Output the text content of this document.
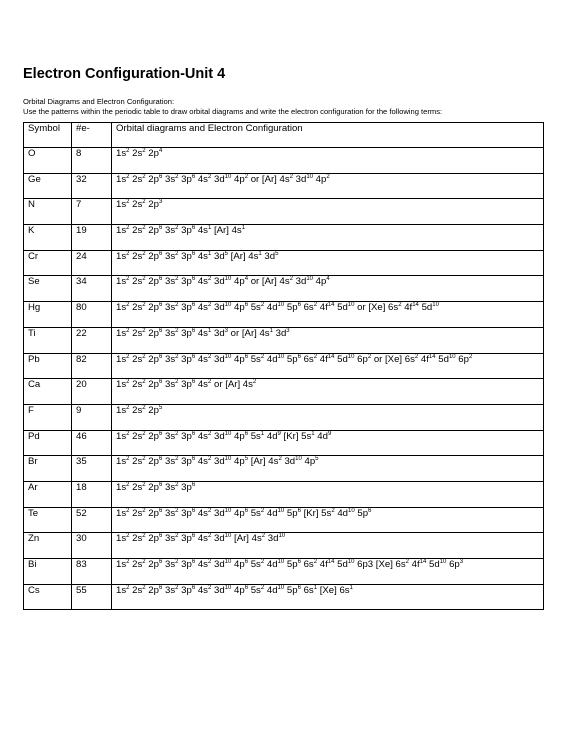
Electron Configuration-Unit 4
Orbital Diagrams and Electron Configuration:
Use the patterns within the periodic table to draw orbital diagrams and write the electron configuration for the following terms:
Symbol	#e-	Orbital diagrams and Electron Configuration
O	8	$1s^2$ $2s^2$ $2p^4$
Ge	32	$1s^2$ $2s^2$ $2p^6$ $3s^2$ $3p^6$ $4s^2$ $3d^{10}$ $4p^2$ or [Ar] $4s^2$ $3d^{10}$ $4p^2$
N	7	$1s^2$ $2s^2$ $2p^3$
K	19	$1s^2$ $2s^2$ $2p^6$ $3s^2$ $3p^6$ $4s^1$ [Ar] $4s^1$
Cr	24	$1s^2$ $2s^2$ $2p^6$ $3s^2$ $3p^6$ $4s^1$ $3d^5$ [Ar] $4s^1$ $3d^5$
Se	34	$1s^2$ $2s^2$ $2p^6$ $3s^2$ $3p^6$ $4s^2$ $3d^{10}$ $4p^4$ or [Ar] $4s^2$ $3d^{10}$ $4p^4$
Hg	80	$1s^2$ $2s^2$ $2p^6$ $3s^2$ $3p^6$ $4s^2$ $3d^{10}$ $4p^6$ $5s^2$ $4d^{10}$ $5p^6$ $6s^2$ $4f^{14}$ $5d^{10}$ or [Xe] $6s^2$ $4f^{14}$ $5d^{10}$
Ti	22	$1s^2$ $2s^2$ $2p^6$ $3s^2$ $3p^6$ $4s^1$ $3d^3$ or [Ar] $4s^1$ $3d^3$
Pb	82	$1s^2$ $2s^2$ $2p^6$ $3s^2$ $3p^6$ $4s^2$ $3d^{10}$ $4p^6$ $5s^2$ $4d^{10}$ $5p^6$ $6s^2$ $4f^{14}$ $5d^{10}$ $6p^2$ or [Xe] $6s^2$ $4f^{14}$ $5d^{10}$ $6p^2$
Ca	20	$1s^2$ $2s^2$ $2p^6$ $3s^2$ $3p^6$ $4s^2$ or [Ar] $4s^2$
F	9	$1s^2$ $2s^2$ $2p^5$
Pd	46	$1s^2$ $2s^2$ $2p^6$ $3s^2$ $3p^6$ $4s^2$ $3d^{10}$ $4p^6$ $5s^1$ $4d^9$ [Kr] $5s^1$ $4d^9$
Br	35	$1s^2$ $2s^2$ $2p^6$ $3s^2$ $3p^6$ $4s^2$ $3d^{10}$ $4p^5$ [Ar] $4s^2$ $3d^{10}$ $4p^5$
Ar	18	$1s^2$ $2s^2$ $2p^6$ $3s^2$ $3p^6$
Te	52	$1s^2$ $2s^2$ $2p^6$ $3s^2$ $3p^6$ $4s^2$ $3d^{10}$ $4p^6$ $5s^2$ $4d^{10}$ $5p^6$ [Kr] $5s^2$ $4d^{10}$ $5p^6$
Zn	30	$1s^2$ $2s^2$ $2p^6$ $3s^2$ $3p^6$ $4s^2$ $3d^{10}$ [Ar] $4s^2$ $3d^{10}$
Bi	83	$1s^2$ $2s^2$ $2p^6$ $3s^2$ $3p^6$ $4s^2$ $3d^{10}$ $4p^6$ $5s^2$ $4d^{10}$ $5p^6$ $6s^2$ $4f^{14}$ $5d^{10}$ 6p3 [Xe] $6s^2$ $4f^{14}$ $5d^{10}$ $6p^3$
Cs	55	$1s^2$ $2s^2$ $2p^6$ $3s^2$ $3p^6$ $4s^2$ $3d^{10}$ $4p^6$ $5s^2$ $4d^{10}$ $5p^6$ $6s^1$ [Xe] $6s^1$
